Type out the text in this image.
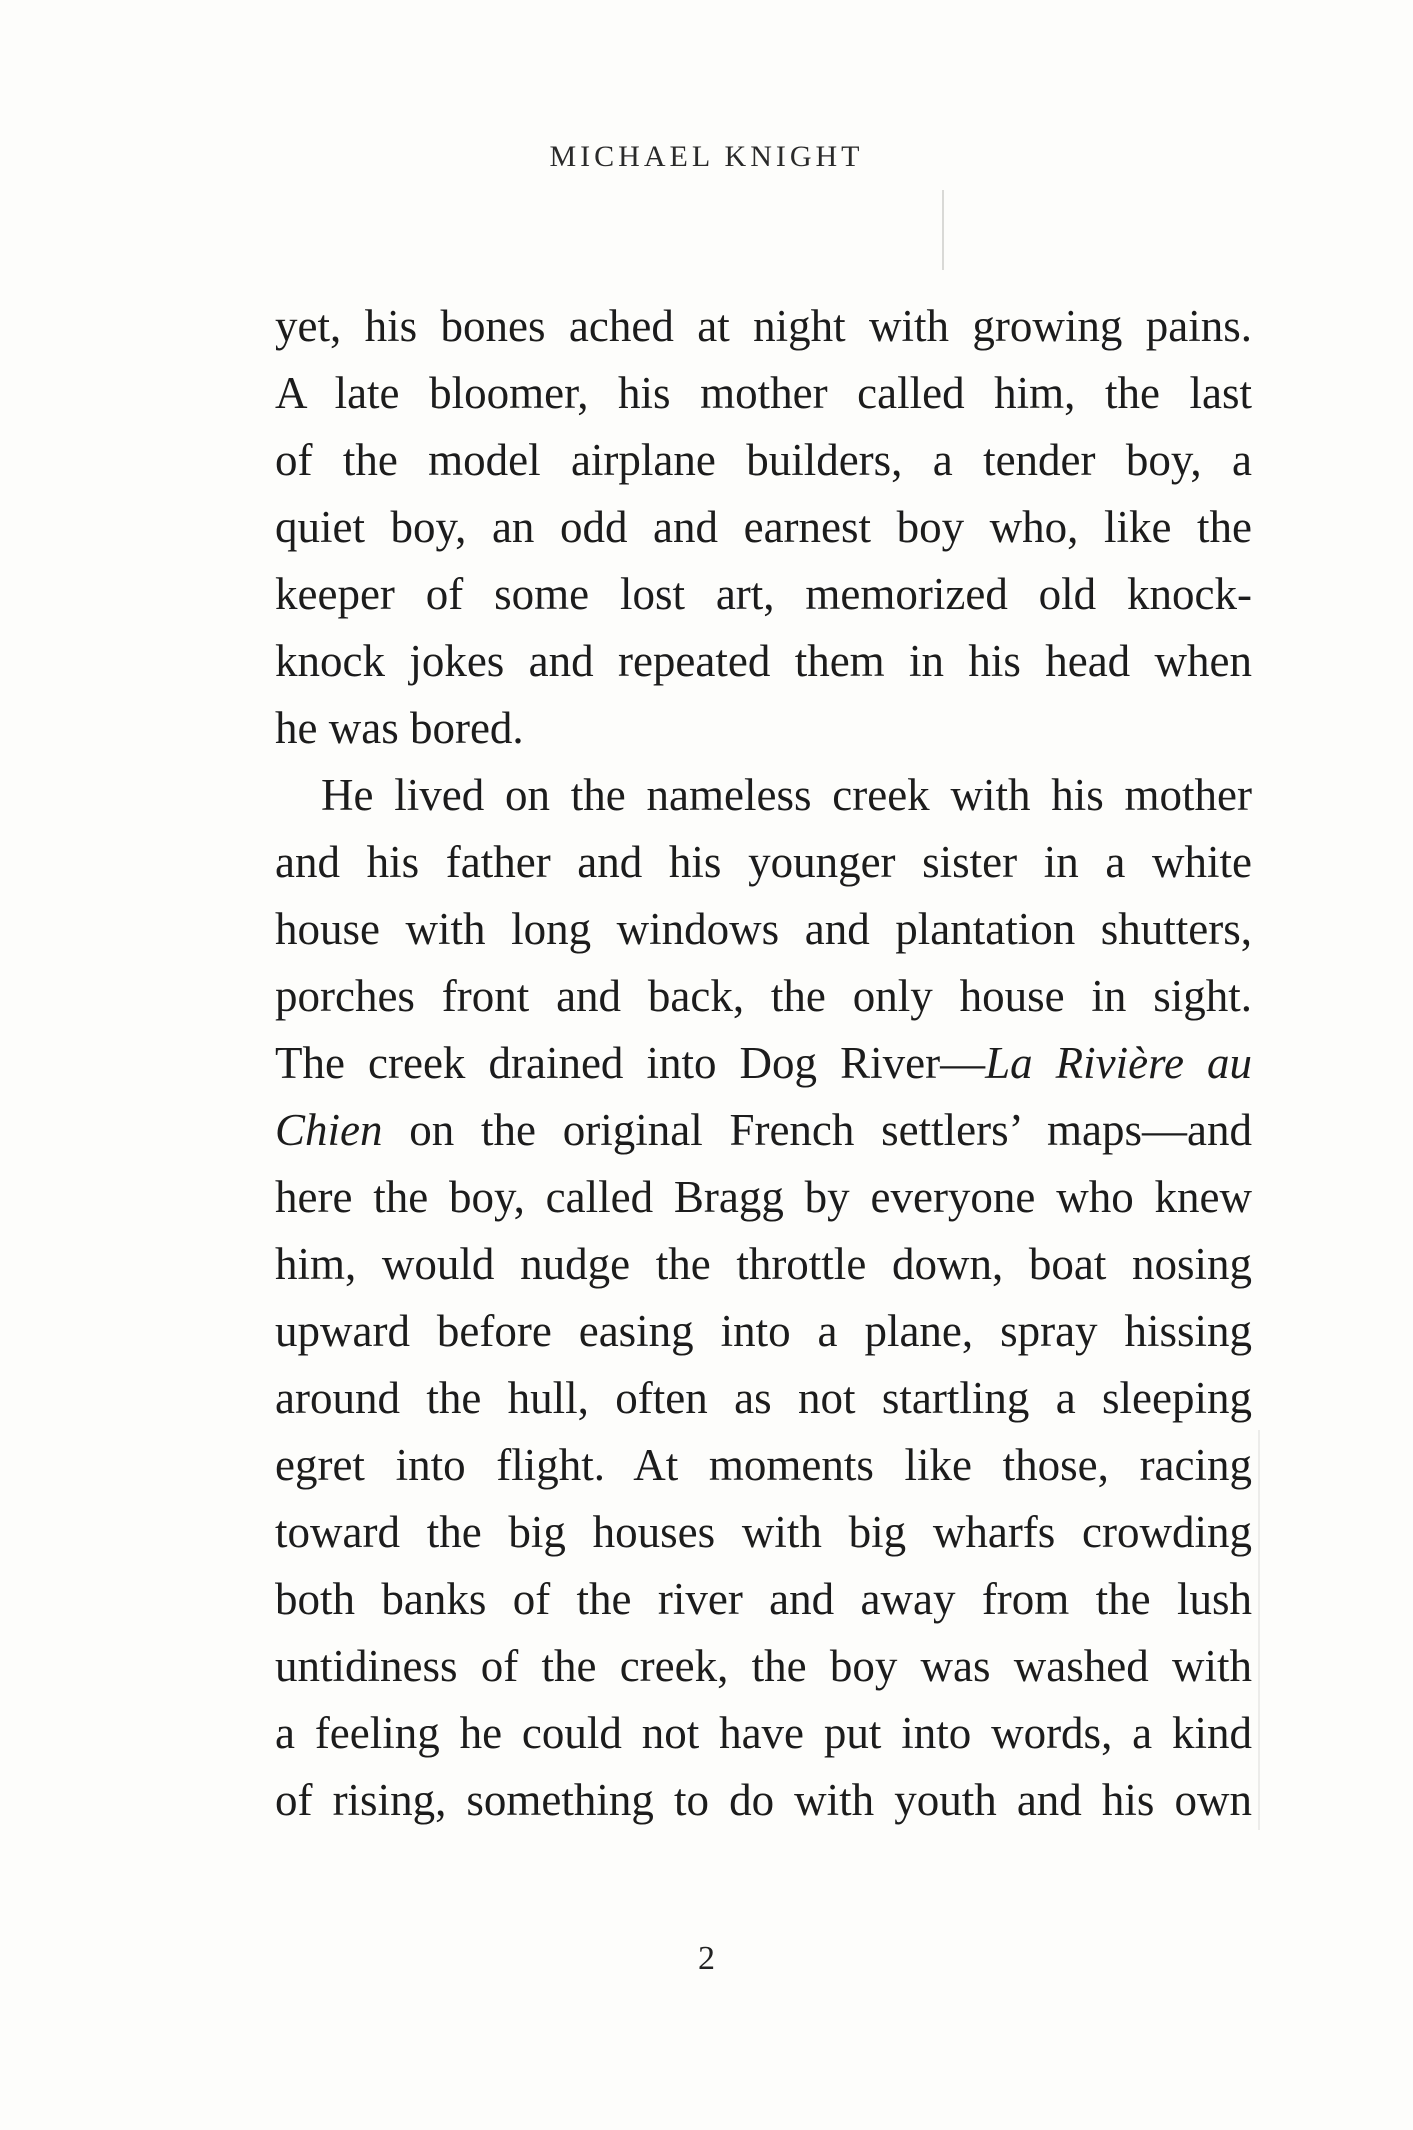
MICHAEL KNIGHT
yet, his bones ached at night with growing pains.
A late bloomer, his mother called him, the last
of the model airplane builders, a tender boy, a
quiet boy, an odd and earnest boy who, like the
keeper of some lost art, memorized old knock-
knock jokes and repeated them in his head when
he was bored.
He lived on the nameless creek with his mother
and his father and his younger sister in a white
house with long windows and plantation shutters,
porches front and back, the only house in sight.
The creek drained into Dog River—La Rivière au
Chien on the original French settlers’ maps—and
here the boy, called Bragg by everyone who knew
him, would nudge the throttle down, boat nosing
upward before easing into a plane, spray hissing
around the hull, often as not startling a sleeping
egret into flight. At moments like those, racing
toward the big houses with big wharfs crowding
both banks of the river and away from the lush
untidiness of the creek, the boy was washed with
a feeling he could not have put into words, a kind
of rising, something to do with youth and his own
2
